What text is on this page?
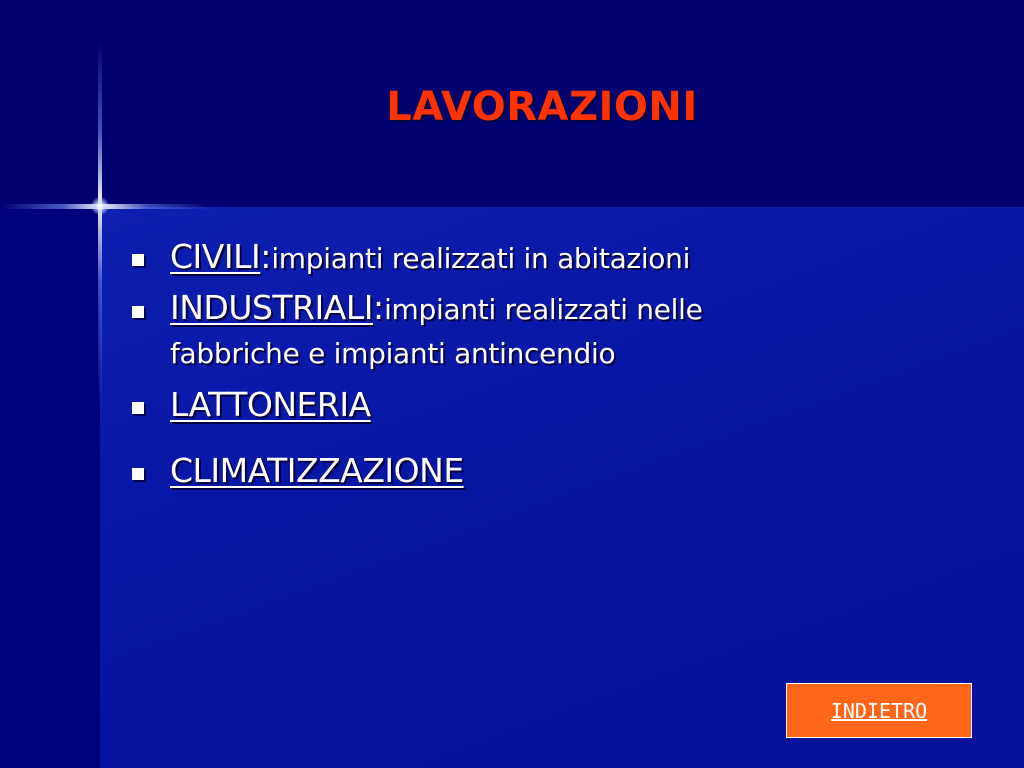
LAVORAZIONI
CIVILI:impianti realizzati in abitazioni
INDUSTRIALI:impianti realizzati nelle
fabbriche e impianti antincendio
LATTONERIA
CLIMATIZZAZIONE
INDIETRO
